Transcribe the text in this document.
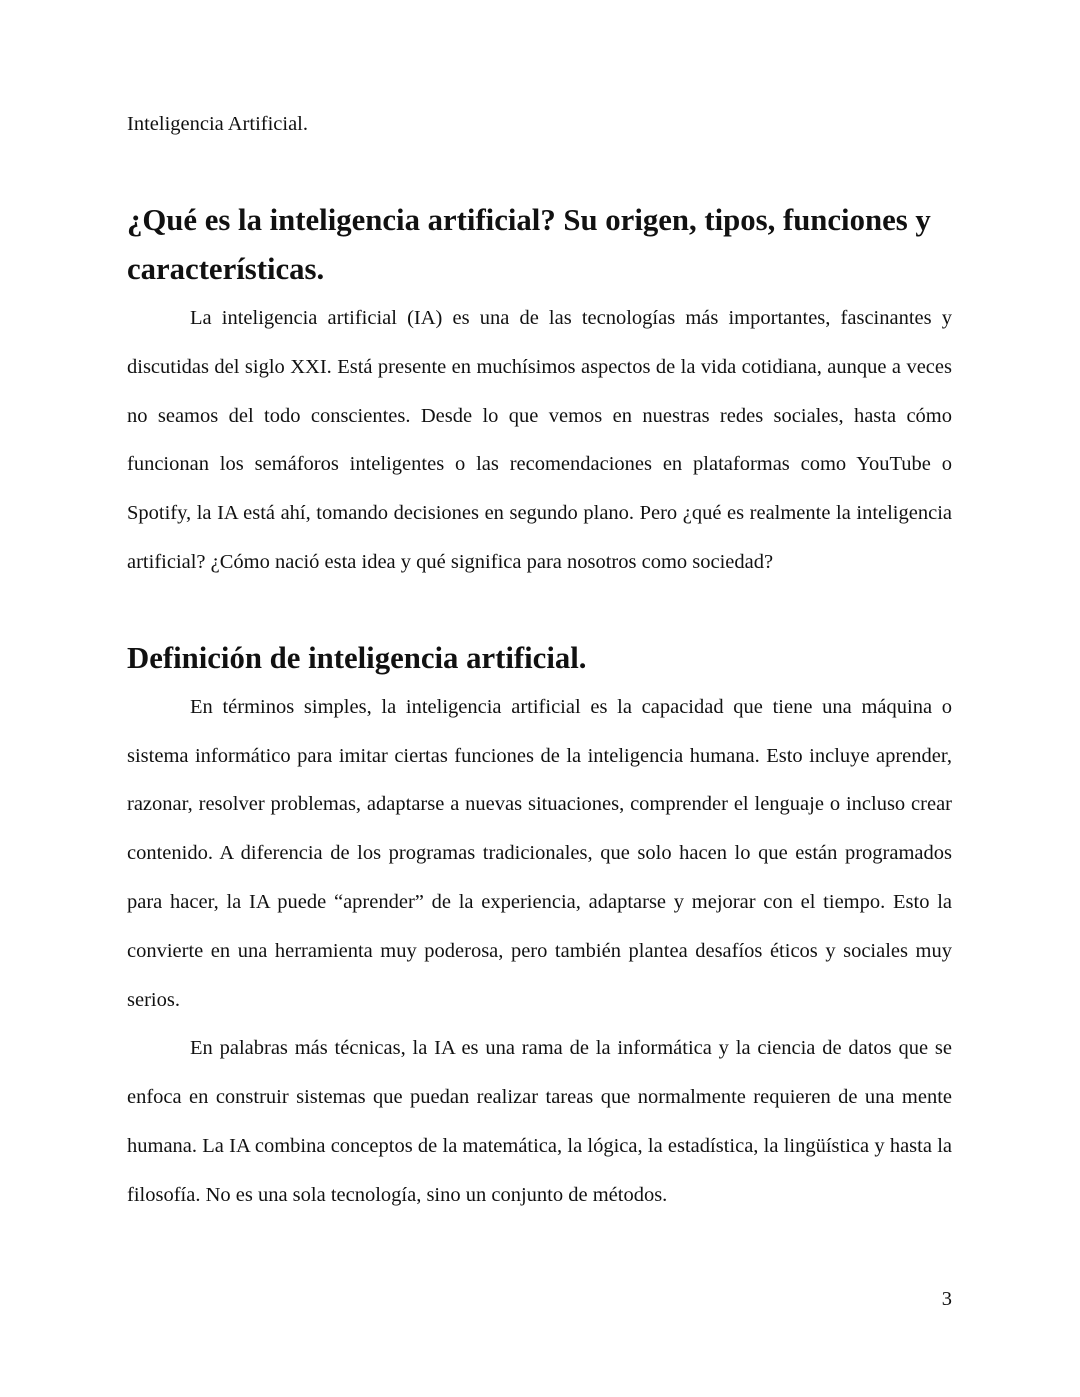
Inteligencia Artificial.

¿Qué es la inteligencia artificial? Su origen, tipos, funciones y características.

La inteligencia artificial (IA) es una de las tecnologías más importantes, fascinantes y discutidas del siglo XXI. Está presente en muchísimos aspectos de la vida cotidiana, aunque a veces no seamos del todo conscientes. Desde lo que vemos en nuestras redes sociales, hasta cómo funcionan los semáforos inteligentes o las recomendaciones en plataformas como YouTube o Spotify, la IA está ahí, tomando decisiones en segundo plano. Pero ¿qué es realmente la inteligencia artificial? ¿Cómo nació esta idea y qué significa para nosotros como sociedad?

Definición de inteligencia artificial.

En términos simples, la inteligencia artificial es la capacidad que tiene una máquina o sistema informático para imitar ciertas funciones de la inteligencia humana. Esto incluye aprender, razonar, resolver problemas, adaptarse a nuevas situaciones, comprender el lenguaje o incluso crear contenido. A diferencia de los programas tradicionales, que solo hacen lo que están programados para hacer, la IA puede “aprender” de la experiencia, adaptarse y mejorar con el tiempo. Esto la convierte en una herramienta muy poderosa, pero también plantea desafíos éticos y sociales muy serios.

En palabras más técnicas, la IA es una rama de la informática y la ciencia de datos que se enfoca en construir sistemas que puedan realizar tareas que normalmente requieren de una mente humana. La IA combina conceptos de la matemática, la lógica, la estadística, la lingüística y hasta la filosofía. No es una sola tecnología, sino un conjunto de métodos.

3
